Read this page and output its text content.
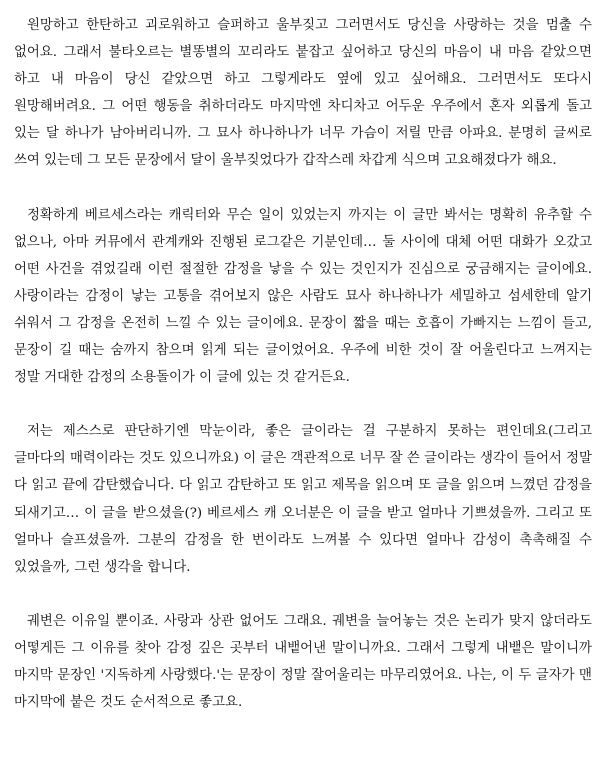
원망하고 한탄하고 괴로워하고 슬퍼하고 울부짖고 그러면서도 당신을 사랑하는 것을 멈출 수 없어요. 그래서 불타오르는 별똥별의 꼬리라도 붙잡고 싶어하고 당신의 마음이 내 마음 같았으면 하고 내 마음이 당신 같았으면 하고 그렇게라도 옆에 있고 싶어해요. 그러면서도 또다시 원망해버려요. 그 어떤 행동을 취하더라도 마지막엔 차디차고 어두운 우주에서 혼자 외롭게 돌고 있는 달 하나가 남아버리니까. 그 묘사 하나하나가 너무 가슴이 저릴 만큼 아파요. 분명히 글씨로 쓰여 있는데 그 모든 문장에서 달이 울부짖었다가 갑작스레 차갑게 식으며 고요해졌다가 해요.

정확하게 베르세스라는 캐릭터와 무슨 일이 있었는지 까지는 이 글만 봐서는 명확히 유추할 수 없으나, 아마 커뮤에서 관계캐와 진행된 로그같은 기분인데… 둘 사이에 대체 어떤 대화가 오갔고 어떤 사건을 겪었길래 이런 절절한 감정을 낳을 수 있는 것인지가 진심으로 궁금해지는 글이에요. 사랑이라는 감정이 낳는 고통을 겪어보지 않은 사람도 묘사 하나하나가 세밀하고 섬세한데 알기 쉬워서 그 감정을 온전히 느낄 수 있는 글이에요. 문장이 짧을 때는 호흡이 가빠지는 느낌이 들고, 문장이 길 때는 숨까지 참으며 읽게 되는 글이었어요. 우주에 비한 것이 잘 어울린다고 느껴지는 정말 거대한 감정의 소용돌이가 이 글에 있는 것 같거든요.

저는 제스스로 판단하기엔 막눈이라, 좋은 글이라는 걸 구분하지 못하는 편인데요(그리고 글마다의 매력이라는 것도 있으니까요) 이 글은 객관적으로 너무 잘 쓴 글이라는 생각이 들어서 정말 다 읽고 끝에 감탄했습니다. 다 읽고 감탄하고 또 읽고 제목을 읽으며 또 글을 읽으며 느꼈던 감정을 되새기고… 이 글을 받으셨을(?) 베르세스 캐 오너분은 이 글을 받고 얼마나 기쁘셨을까. 그리고 또 얼마나 슬프셨을까. 그분의 감정을 한 번이라도 느껴볼 수 있다면 얼마나 감성이 촉촉해질 수 있었을까, 그런 생각을 합니다.

궤변은 이유일 뿐이죠. 사랑과 상관 없어도 그래요. 궤변을 늘어놓는 것은 논리가 맞지 않더라도 어떻게든 그 이유를 찾아 감정 깊은 곳부터 내뱉어낸 말이니까요. 그래서 그렇게 내뱉은 말이니까 마지막 문장인 '지독하게 사랑했다.'는 문장이 정말 잘어울리는 마무리였어요. 나는, 이 두 글자가 맨 마지막에 붙은 것도 순서적으로 좋고요.
